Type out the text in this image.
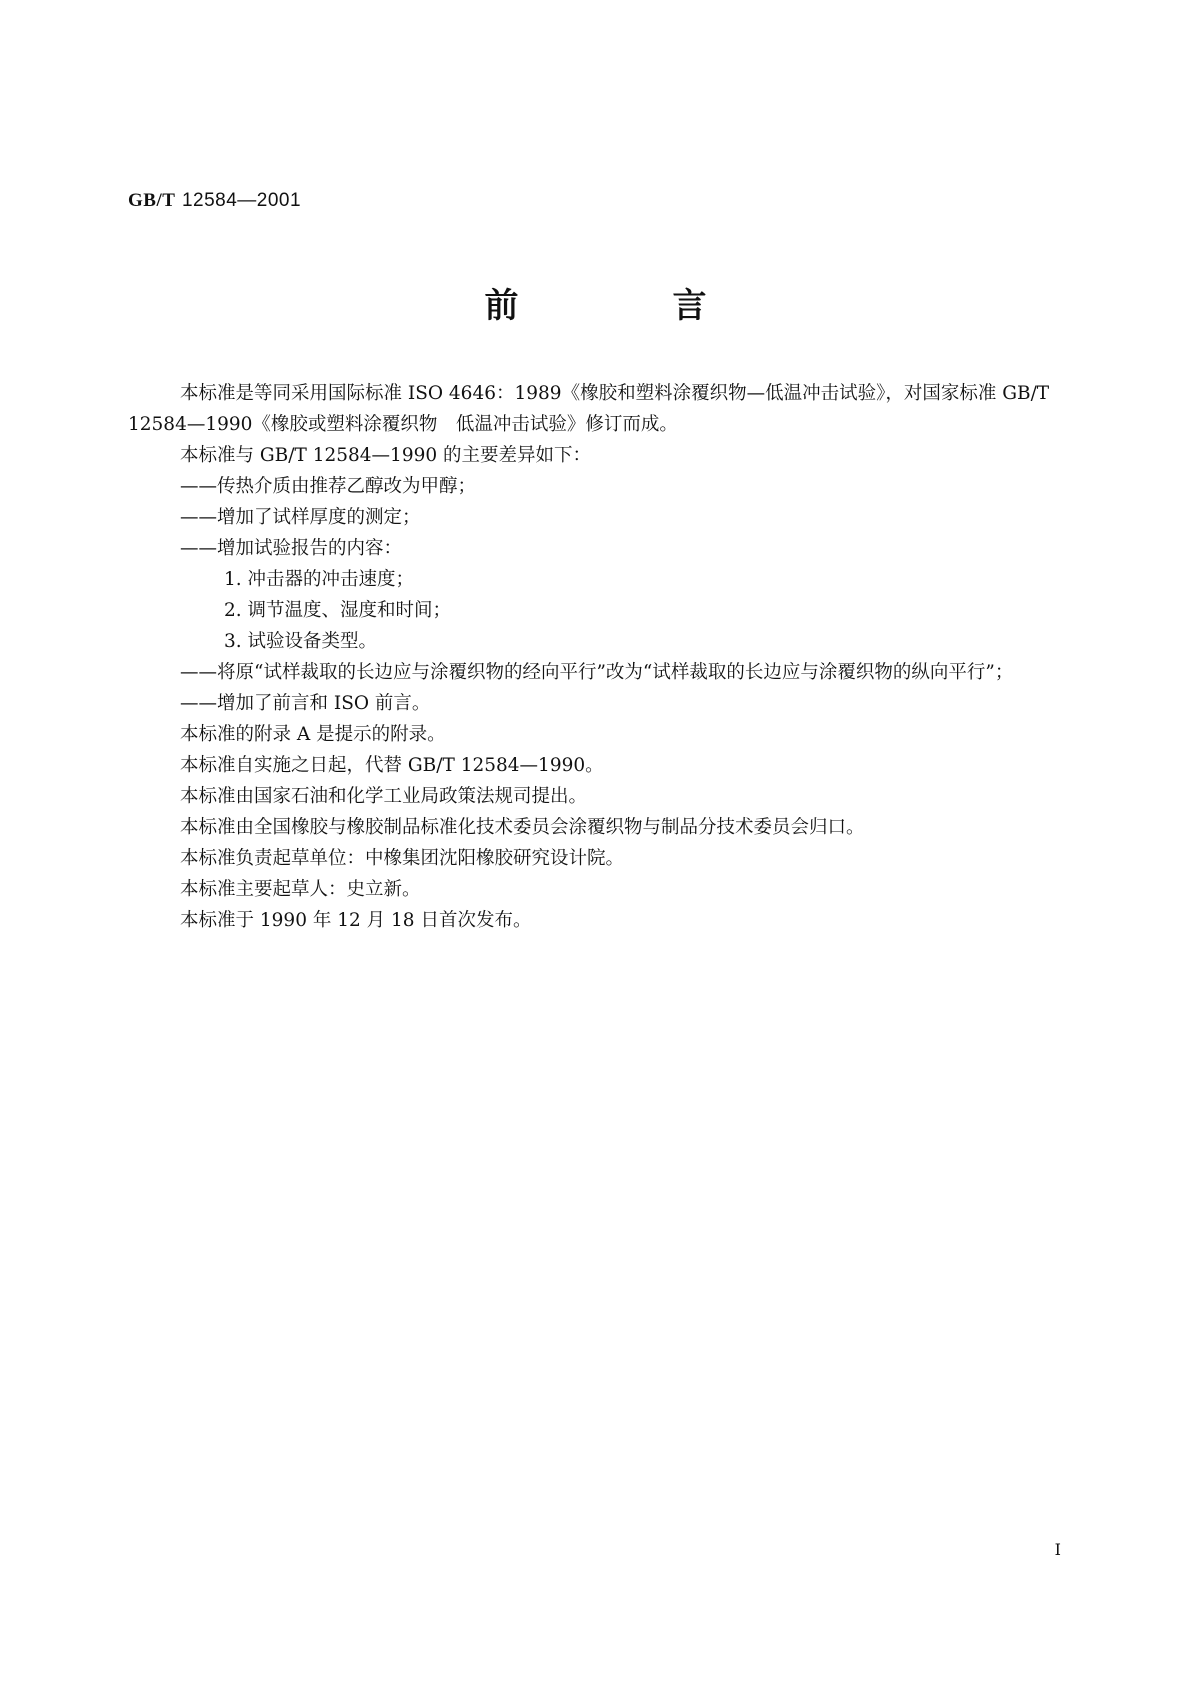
GB/T 12584—2001
前　言

本标准是等同采用国际标准 ISO 4646：1989《橡胶和塑料涂覆织物—低温冲击试验》，对国家标准 GB/T 12584—1990《橡胶或塑料涂覆织物　低温冲击试验》修订而成。

本标准与 GB/T 12584—1990 的主要差异如下：

——传热介质由推荐乙醇改为甲醇；

——增加了试样厚度的测定；

——增加试验报告的内容：

1. 冲击器的冲击速度；

2. 调节温度、湿度和时间；

3. 试验设备类型。

——将原“试样裁取的长边应与涂覆织物的经向平行”改为“试样裁取的长边应与涂覆织物的纵向平行”；

——增加了前言和 ISO 前言。

本标准的附录 A 是提示的附录。

本标准自实施之日起，代替 GB/T 12584—1990。

本标准由国家石油和化学工业局政策法规司提出。

本标准由全国橡胶与橡胶制品标准化技术委员会涂覆织物与制品分技术委员会归口。

本标准负责起草单位：中橡集团沈阳橡胶研究设计院。

本标准主要起草人：史立新。

本标准于 1990 年 12 月 18 日首次发布。

I
